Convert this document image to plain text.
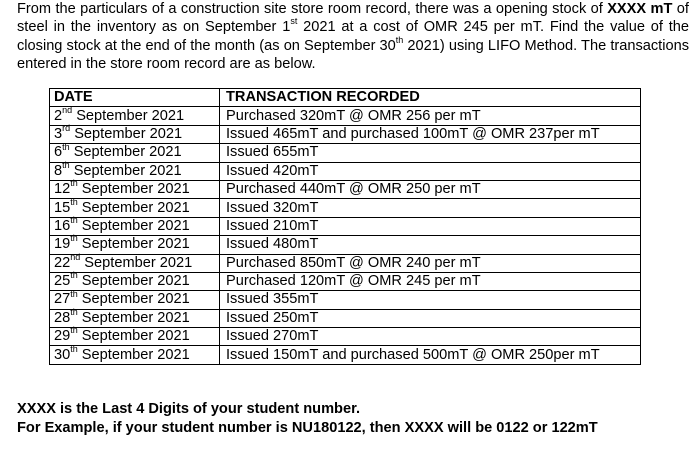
From the particulars of a construction site store room record, there was a opening stock of XXXX mT of steel in the inventory as on September 1st 2021 at a cost of OMR 245 per mT. Find the value of the closing stock at the end of the month (as on September 30th 2021) using LIFO Method. The transactions entered in the store room record are as below.
DATE	TRANSACTION RECORDED
2nd September 2021	Purchased 320mT @ OMR 256 per mT
3rd September 2021	Issued 465mT and purchased 100mT @ OMR 237per mT
6th September 2021	Issued 655mT
8th September 2021	Issued 420mT
12th September 2021	Purchased 440mT @ OMR 250 per mT
15th September 2021	Issued 320mT
16th September 2021	Issued 210mT
19th September 2021	Issued 480mT
22nd September 2021	Purchased 850mT @ OMR 240 per mT
25th September 2021	Purchased 120mT @ OMR 245 per mT
27th September 2021	Issued 355mT
28th September 2021	Issued 250mT
29th September 2021	Issued 270mT
30th September 2021	Issued 150mT and purchased 500mT @ OMR 250per mT
XXXX is the Last 4 Digits of your student number.
For Example, if your student number is NU180122, then XXXX will be 0122 or 122mT
